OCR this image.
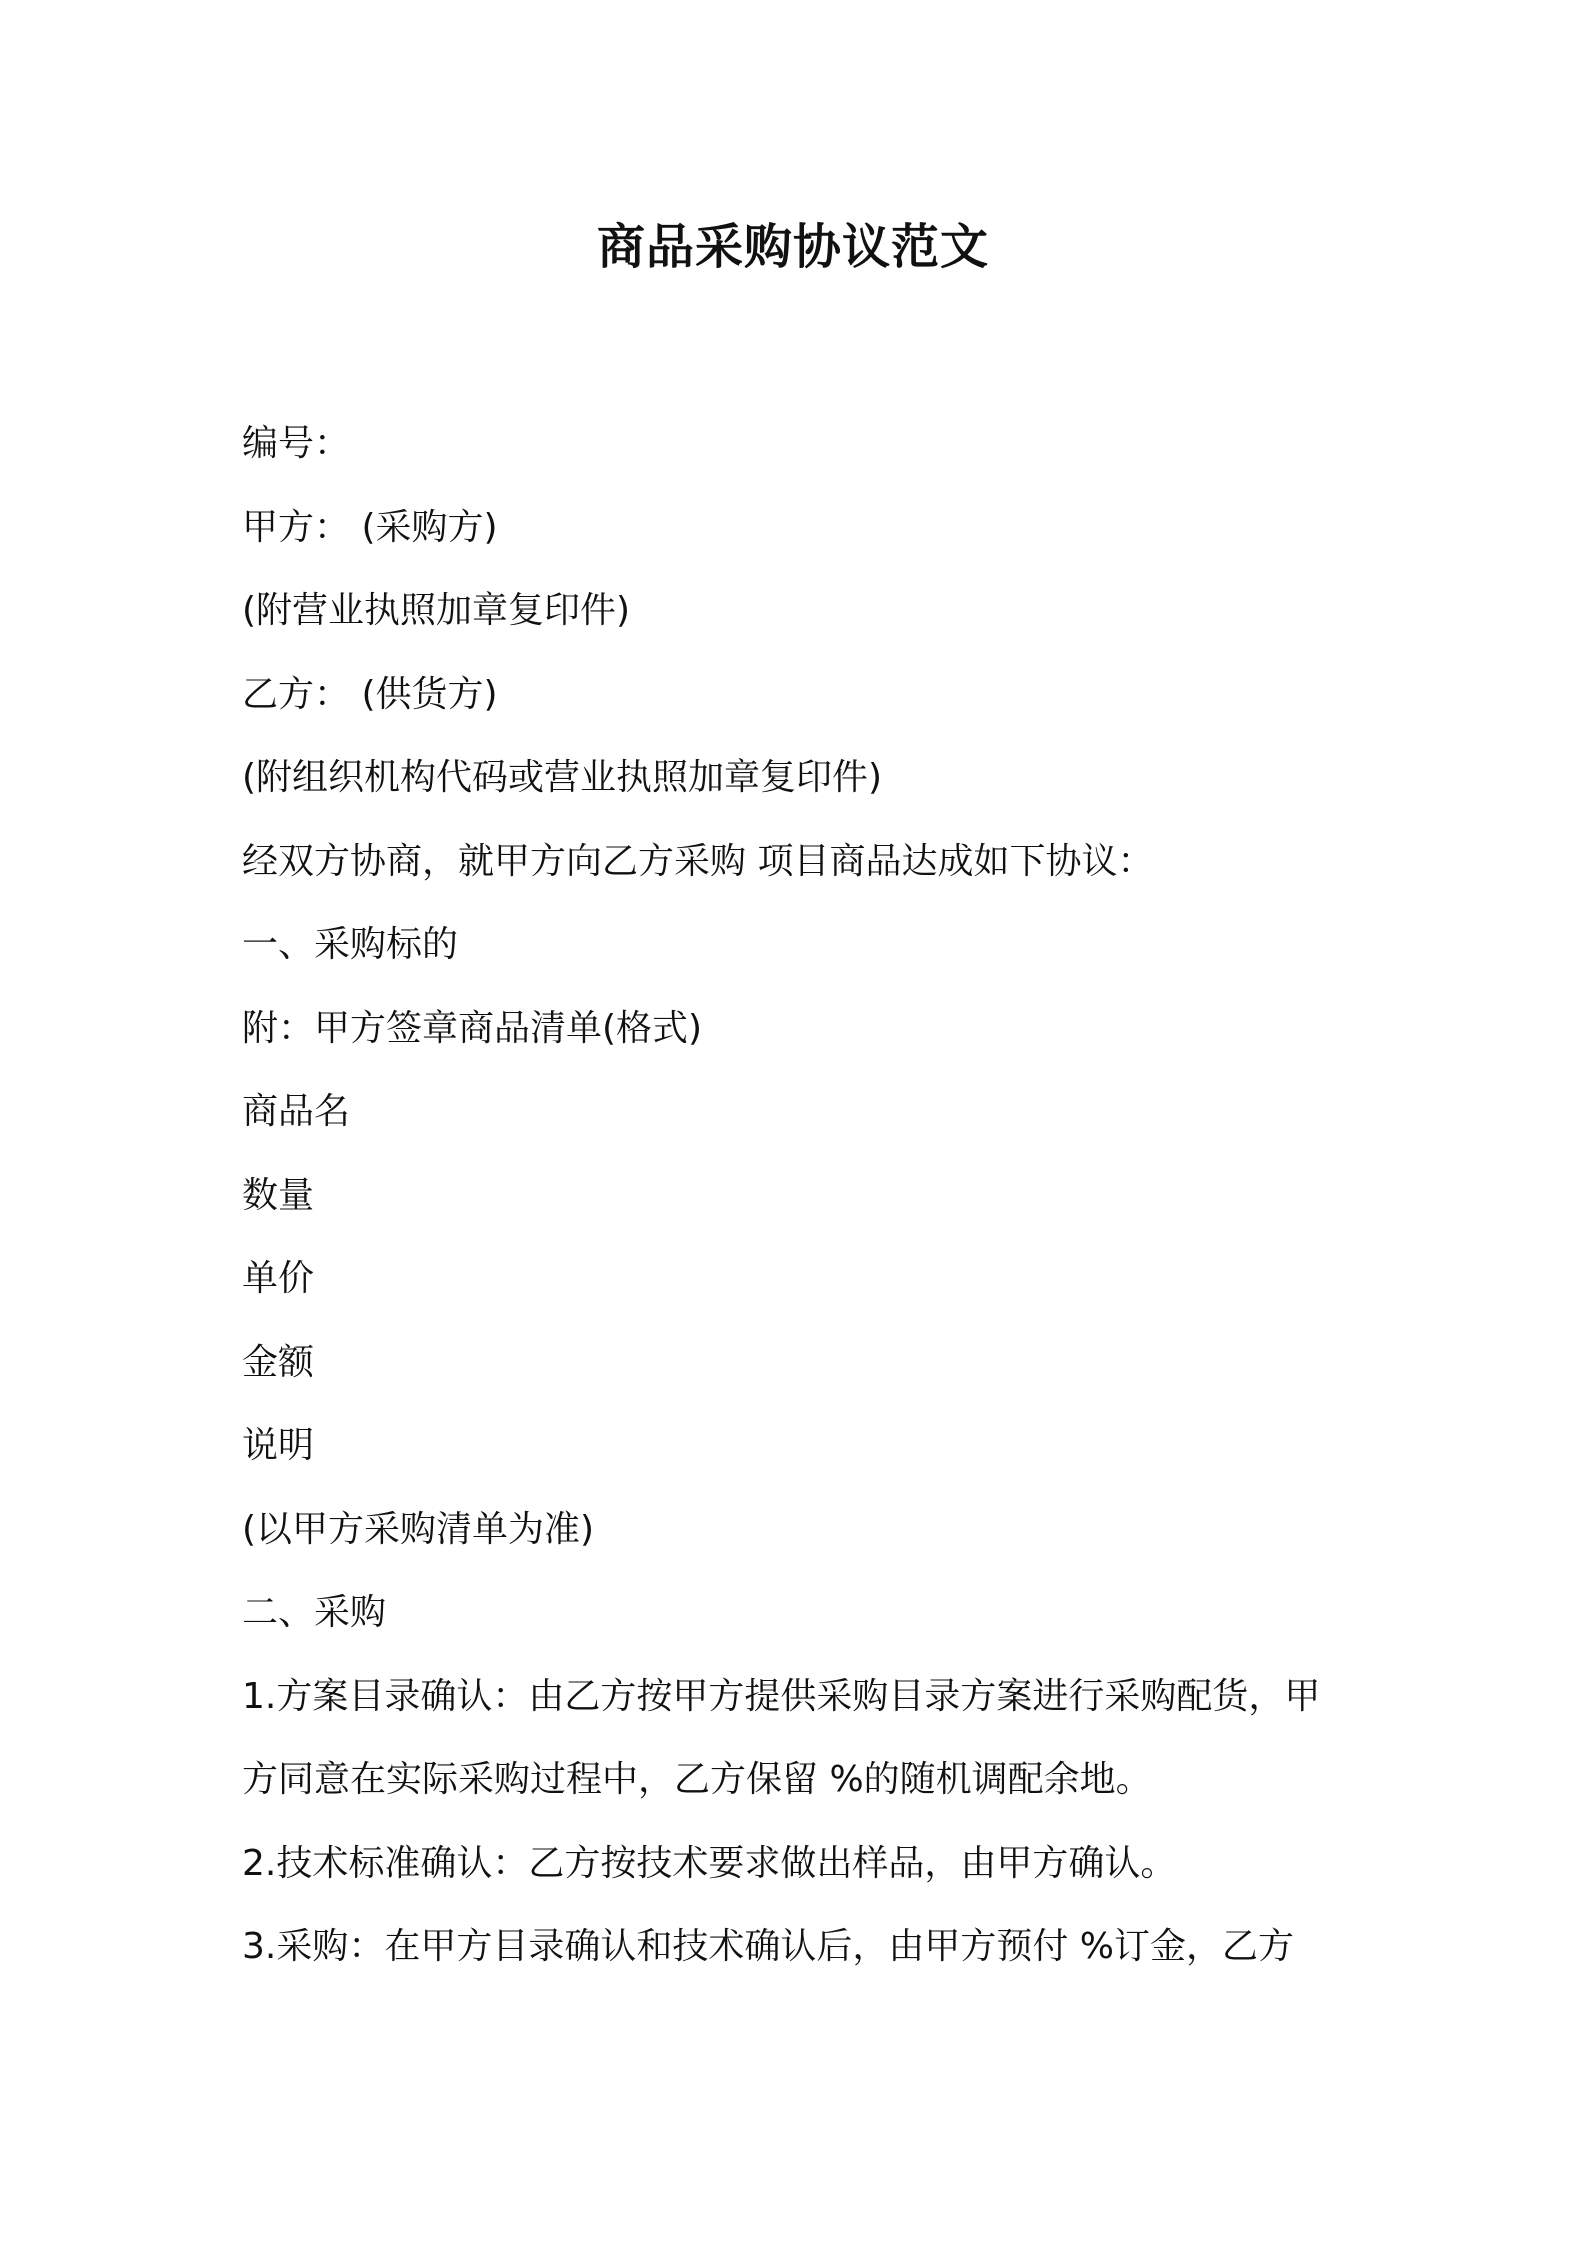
商品采购协议范文

编号：

甲方： (采购方)

(附营业执照加章复印件)

乙方： (供货方)

(附组织机构代码或营业执照加章复印件)

经双方协商，就甲方向乙方采购 项目商品达成如下协议：

一、采购标的

附：甲方签章商品清单(格式)

商品名

数量

单价

金额

说明

(以甲方采购清单为准)

二、采购

1.方案目录确认：由乙方按甲方提供采购目录方案进行采购配货，甲

方同意在实际采购过程中，乙方保留 %的随机调配余地。

2.技术标准确认：乙方按技术要求做出样品，由甲方确认。

3.采购：在甲方目录确认和技术确认后，由甲方预付 %订金，乙方
